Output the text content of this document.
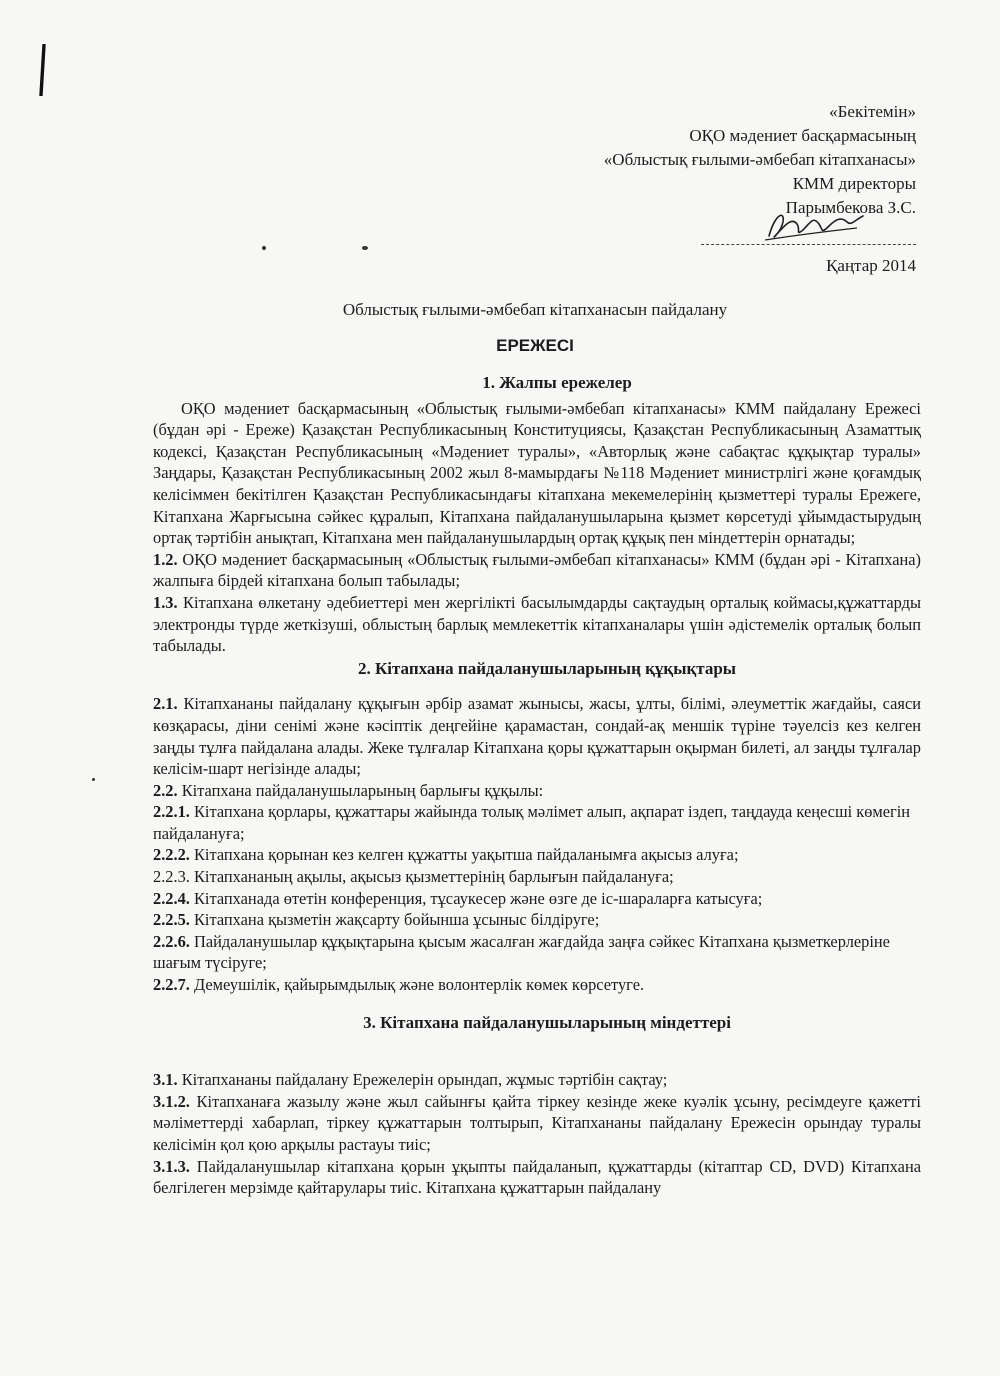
«Бекітемін»
ОҚО мәдениет басқармасының
«Облыстық ғылыми-әмбебап кітапханасы»
КММ директоры
Парымбекова З.С.
Қаңтар 2014
Облыстық ғылыми-әмбебап кітапханасын пайдалану
ЕРЕЖЕСІ
1. Жалпы ережелер

ОҚО мәдениет басқармасының «Облыстық ғылыми-әмбебап кітапханасы» КММ пайдалану Ережесі (бұдан әрі - Ереже) Қазақстан Республикасының Конституциясы, Қазақстан Республикасының Азаматтық кодексі, Қазақстан Республикасының «Мәдениет туралы», «Авторлық және сабақтас құқықтар туралы» Заңдары, Қазақстан Республикасының 2002 жыл 8-мамырдағы №118 Мәдениет министрлігі және қоғамдық келісіммен бекітілген Қазақстан Республикасындағы кітапхана мекемелерінің қызметтері туралы Ережеге, Кітапхана Жарғысына сәйкес құралып, Кітапхана пайдаланушыларына қызмет көрсетуді ұйымдастырудың ортақ тәртібін анықтап, Кітапхана мен пайдаланушылардың ортақ құқық пен міндеттерін орнатады;

1.2. ОҚО мәдениет басқармасының «Облыстық ғылыми-әмбебап кітапханасы» КММ (бұдан әрі - Кітапхана) жалпыға бірдей кітапхана болып табылады;

1.3. Кітапхана өлкетану әдебиеттері мен жергілікті басылымдарды сақтаудың орталық коймасы,құжаттарды электронды түрде жеткізуші, облыстың барлық мемлекеттік кітапханалары үшін әдістемелік орталық болып табылады.

2. Кітапхана пайдаланушыларының құқықтары

2.1. Кітапхананы пайдалану құқығын әрбір азамат жынысы, жасы, ұлты, білімі, әлеуметтік жағдайы, саяси көзқарасы, діни сенімі және кәсіптік деңгейіне қарамастан, сондай-ақ меншік түріне тәуелсіз кез келген заңды тұлға пайдалана алады. Жеке тұлғалар Кітапхана қоры құжаттарын оқырман билеті, ал заңды тұлғалар келісім-шарт негізінде алады;

2.2. Кітапхана пайдаланушыларының барлығы құқылы:

2.2.1. Кітапхана қорлары, құжаттары жайында толық мәлімет алып, ақпарат іздеп, таңдауда кеңесші көмегін пайдалануға;

2.2.2. Кітапхана қорынан кез келген құжатты уақытша пайдаланымға ақысыз алуға;

2.2.3. Кітапхананың ақылы, ақысыз қызметтерінің барлығын пайдалануға;

2.2.4. Кітапханада өтетін конференция, тұсаукесер және өзге де іс-шараларға катысуға;

2.2.5. Кітапхана қызметін жақсарту бойынша ұсыныс білдіруге;

2.2.6. Пайдаланушылар құқықтарына қысым жасалған жағдайда заңға сәйкес Кітапхана қызметкерлеріне шағым түсіруге;

2.2.7. Демеушілік, қайырымдылық және волонтерлік көмек көрсетуге.

3. Кітапхана пайдаланушыларының міндеттері

3.1. Кітапхананы пайдалану Ережелерін орындап, жұмыс тәртібін сақтау;

3.1.2. Кітапханаға жазылу және жыл сайынғы қайта тіркеу кезінде жеке куәлік ұсыну, ресімдеуге қажетті мәліметтерді хабарлап, тіркеу құжаттарын толтырып, Кітапхананы пайдалану Ережесін орындау туралы келісімін қол қою арқылы растауы тиіс;

3.1.3. Пайдаланушылар кітапхана қорын ұқыпты пайдаланып, құжаттарды (кітаптар CD, DVD) Кітапхана белгілеген мерзімде қайтарулары тиіс. Кітапхана құжаттарын пайдалану
